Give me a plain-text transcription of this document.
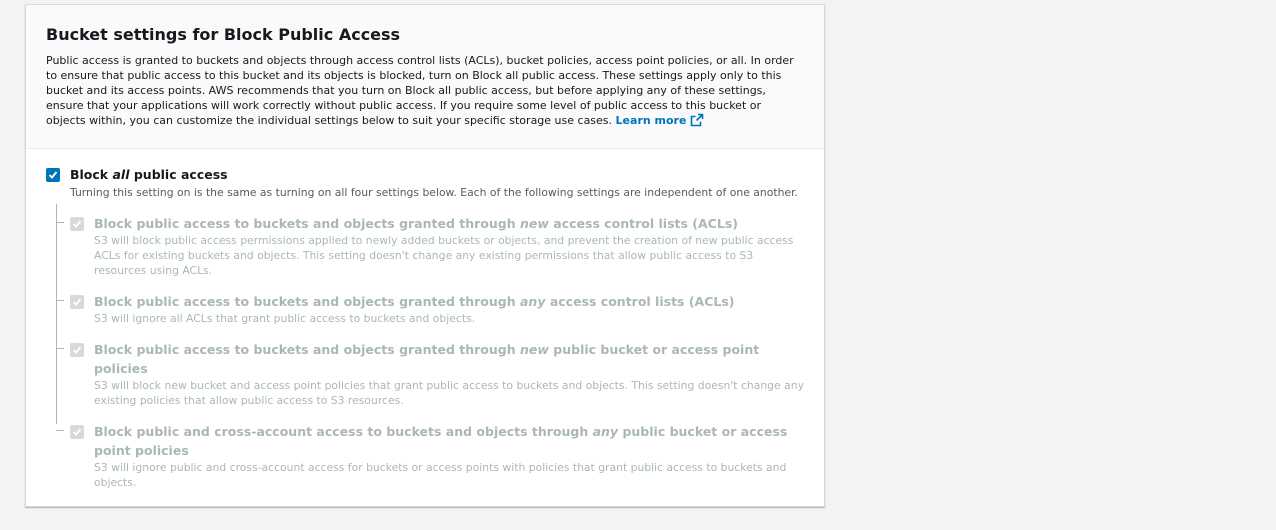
Bucket settings for Block Public Access

Public access is granted to buckets and objects through access control lists (ACLs), bucket policies, access point policies, or all. In order to ensure that public access to this bucket and its objects is blocked, turn on Block all public access. These settings apply only to this bucket and its access points. AWS recommends that you turn on Block all public access, but before applying any of these settings, ensure that your applications will work correctly without public access. If you require some level of public access to this bucket or objects within, you can customize the individual settings below to suit your specific storage use cases. Learn more

Block all public access
Turning this setting on is the same as turning on all four settings below. Each of the following settings are independent of one another.
Block public access to buckets and objects granted through new access control lists (ACLs)
S3 will block public access permissions applied to newly added buckets or objects, and prevent the creation of new public access ACLs for existing buckets and objects. This setting doesn't change any existing permissions that allow public access to S3 resources using ACLs.
Block public access to buckets and objects granted through any access control lists (ACLs)
S3 will ignore all ACLs that grant public access to buckets and objects.
Block public access to buckets and objects granted through new public bucket or access point policies
S3 will block new bucket and access point policies that grant public access to buckets and objects. This setting doesn't change any existing policies that allow public access to S3 resources.
Block public and cross-account access to buckets and objects through any public bucket or access point policies
S3 will ignore public and cross-account access for buckets or access points with policies that grant public access to buckets and objects.
